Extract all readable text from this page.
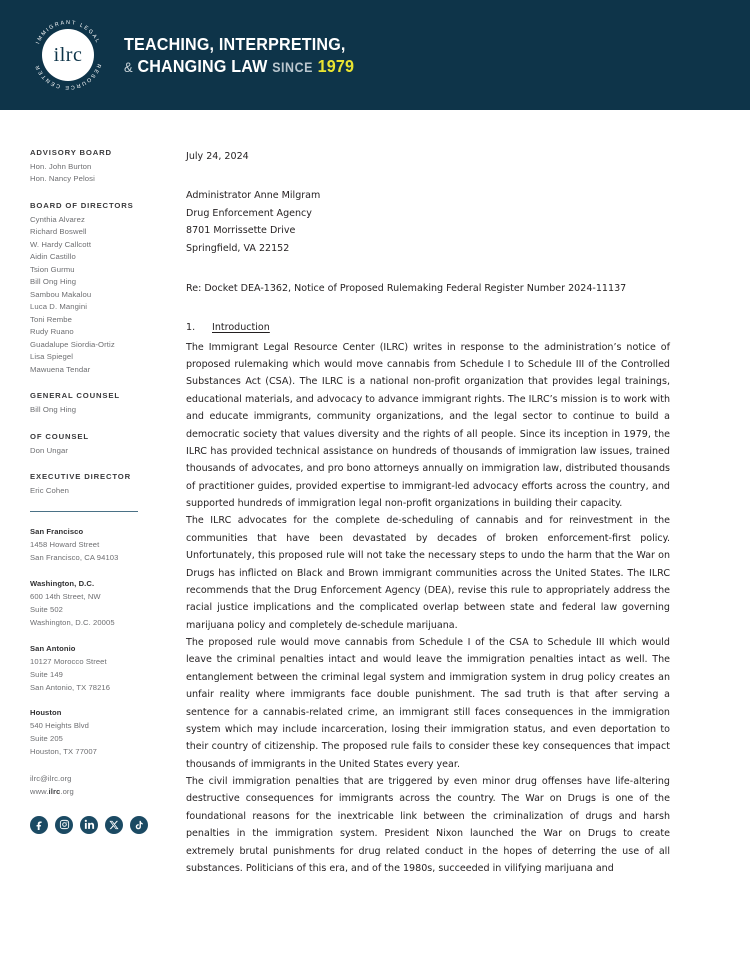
IMMIGRANT LEGAL
RESOURCE CENTER
ilrc
TEACHING, INTERPRETING,
& CHANGING LAW SINCE 1979
ADVISORY BOARD
Hon. John Burton
Hon. Nancy Pelosi
BOARD OF DIRECTORS
Cynthia Alvarez
Richard Boswell
W. Hardy Callcott
Aidin Castillo
Tsion Gurmu
Bill Ong Hing
Sambou Makalou
Luca D. Mangini
Toni Rembe
Rudy Ruano
Guadalupe Siordia-Ortiz
Lisa Spiegel
Mawuena Tendar
GENERAL COUNSEL
Bill Ong Hing
OF COUNSEL
Don Ungar
EXECUTIVE DIRECTOR
Eric Cohen
San Francisco
1458 Howard Street
San Francisco, CA 94103
Washington, D.C.
600 14th Street, NW
Suite 502
Washington, D.C. 20005
San Antonio
10127 Morocco Street
Suite 149
San Antonio, TX 78216
Houston
540 Heights Blvd
Suite 205
Houston, TX 77007
ilrc@ilrc.org
www.ilrc.org
July 24, 2024
Administrator Anne Milgram
Drug Enforcement Agency
8701 Morrissette Drive
Springfield, VA 22152
Re: Docket DEA-1362, Notice of Proposed Rulemaking Federal Register Number 2024-11137
1.	Introduction

The Immigrant Legal Resource Center (ILRC) writes in response to the administration’s notice of proposed rulemaking which would move cannabis from Schedule I to Schedule III of the Controlled Substances Act (CSA). The ILRC is a national non-profit organization that provides legal trainings, educational materials, and advocacy to advance immigrant rights. The ILRC’s mission is to work with and educate immigrants, community organizations, and the legal sector to continue to build a democratic society that values diversity and the rights of all people. Since its inception in 1979, the ILRC has provided technical assistance on hundreds of thousands of immigration law issues, trained thousands of advocates, and pro bono attorneys annually on immigration law, distributed thousands of practitioner guides, provided expertise to immigrant-led advocacy efforts across the country, and supported hundreds of immigration legal non-profit organizations in building their capacity.

The ILRC advocates for the complete de-scheduling of cannabis and for reinvestment in the communities that have been devastated by decades of broken enforcement-first policy. Unfortunately, this proposed rule will not take the necessary steps to undo the harm that the War on Drugs has inflicted on Black and Brown immigrant communities across the United States. The ILRC recommends that the Drug Enforcement Agency (DEA), revise this rule to appropriately address the racial justice implications and the complicated overlap between state and federal law governing marijuana policy and completely de-schedule marijuana.

The proposed rule would move cannabis from Schedule I of the CSA to Schedule III which would leave the criminal penalties intact and would leave the immigration penalties intact as well. The entanglement between the criminal legal system and immigration system in drug policy creates an unfair reality where immigrants face double punishment. The sad truth is that after serving a sentence for a cannabis-related crime, an immigrant still faces consequences in the immigration system which may include incarceration, losing their immigration status, and even deportation to their country of citizenship. The proposed rule fails to consider these key consequences that impact thousands of immigrants in the United States every year.

The civil immigration penalties that are triggered by even minor drug offenses have life-altering destructive consequences for immigrants across the country. The War on Drugs is one of the foundational reasons for the inextricable link between the criminalization of drugs and harsh penalties in the immigration system. President Nixon launched the War on Drugs to create extremely brutal punishments for drug related conduct in the hopes of deterring the use of all substances. Politicians of this era, and of the 1980s, succeeded in vilifying marijuana and
